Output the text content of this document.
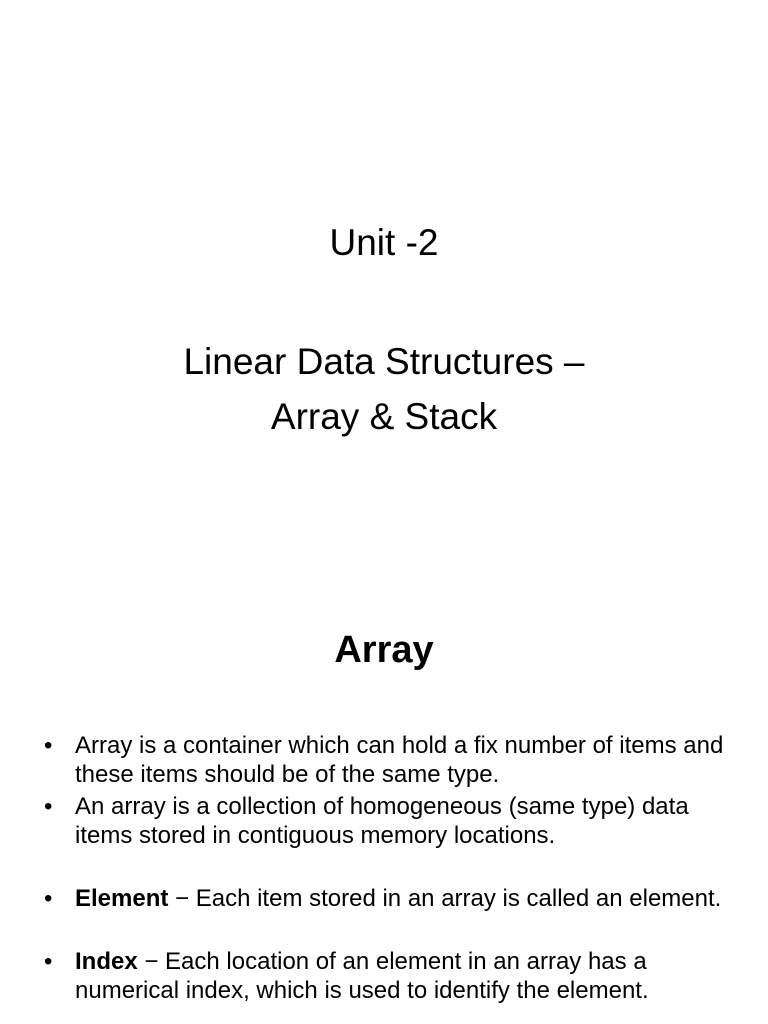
Unit -2
Linear Data Structures –
Array & Stack
Array
• Array is a container which can hold a fix number of items and these items should be of the same type.
• An array is a collection of homogeneous (same type) data items stored in contiguous memory locations.
• Element − Each item stored in an array is called an element.
• Index − Each location of an element in an array has a numerical index, which is used to identify the element.
